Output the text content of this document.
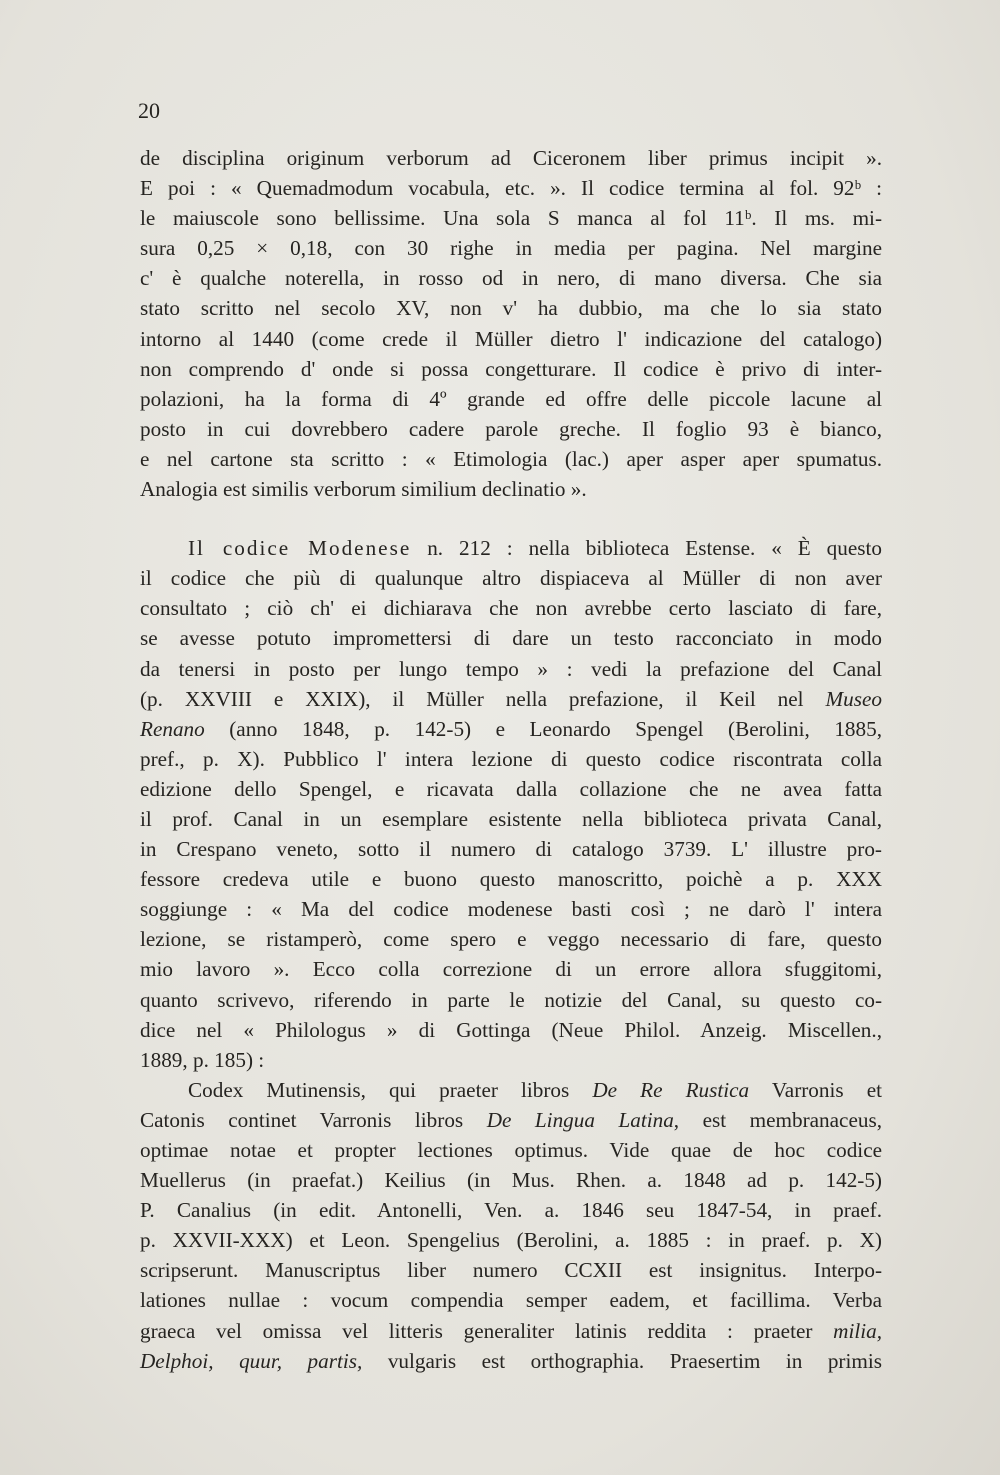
20
de disciplina originum verborum ad Ciceronem liber primus incipit ».
E poi : « Quemadmodum vocabula, etc. ». Il codice termina al fol. 92ᵇ :
le maiuscole sono bellissime. Una sola S manca al fol 11ᵇ. Il ms. mi-
sura 0,25 × 0,18, con 30 righe in media per pagina. Nel margine
c' è qualche noterella, in rosso od in nero, di mano diversa. Che sia
stato scritto nel secolo XV, non v' ha dubbio, ma che lo sia stato
intorno al 1440 (come crede il Müller dietro l' indicazione del catalogo)
non comprendo d' onde si possa congetturare. Il codice è privo di inter-
polazioni, ha la forma di 4º grande ed offre delle piccole lacune al
posto in cui dovrebbero cadere parole greche. Il foglio 93 è bianco,
e nel cartone sta scritto : « Etimologia (lac.) aper asper aper spumatus.
Analogia est similis verborum similium declinatio ».
Il codice Modenese n. 212 : nella biblioteca Estense. « È questo
il codice che più di qualunque altro dispiaceva al Müller di non aver
consultato ; ciò ch' ei dichiarava che non avrebbe certo lasciato di fare,
se avesse potuto impromettersi di dare un testo racconciato in modo
da tenersi in posto per lungo tempo » : vedi la prefazione del Canal
(p. XXVIII e XXIX), il Müller nella prefazione, il Keil nel Museo
Renano (anno 1848, p. 142-5) e Leonardo Spengel (Berolini, 1885,
pref., p. X). Pubblico l' intera lezione di questo codice riscontrata colla
edizione dello Spengel, e ricavata dalla collazione che ne avea fatta
il prof. Canal in un esemplare esistente nella biblioteca privata Canal,
in Crespano veneto, sotto il numero di catalogo 3739. L' illustre pro-
fessore credeva utile e buono questo manoscritto, poichè a p. XXX
soggiunge : « Ma del codice modenese basti così ; ne darò l' intera
lezione, se ristamperò, come spero e veggo necessario di fare, questo
mio lavoro ». Ecco colla correzione di un errore allora sfuggitomi,
quanto scrivevo, riferendo in parte le notizie del Canal, su questo co-
dice nel « Philologus » di Gottinga (Neue Philol. Anzeig. Miscellen.,
1889, p. 185) :
Codex Mutinensis, qui praeter libros De Re Rustica Varronis et
Catonis continet Varronis libros De Lingua Latina, est membranaceus,
optimae notae et propter lectiones optimus. Vide quae de hoc codice
Muellerus (in praefat.) Keilius (in Mus. Rhen. a. 1848 ad p. 142-5)
P. Canalius (in edit. Antonelli, Ven. a. 1846 seu 1847-54, in praef.
p. XXVII-XXX) et Leon. Spengelius (Berolini, a. 1885 : in praef. p. X)
scripserunt. Manuscriptus liber numero CCXII est insignitus. Interpo-
lationes nullae : vocum compendia semper eadem, et facillima. Verba
graeca vel omissa vel litteris generaliter latinis reddita : praeter milia,
Delphoi, quur, partis, vulgaris est orthographia. Praesertim in primis
